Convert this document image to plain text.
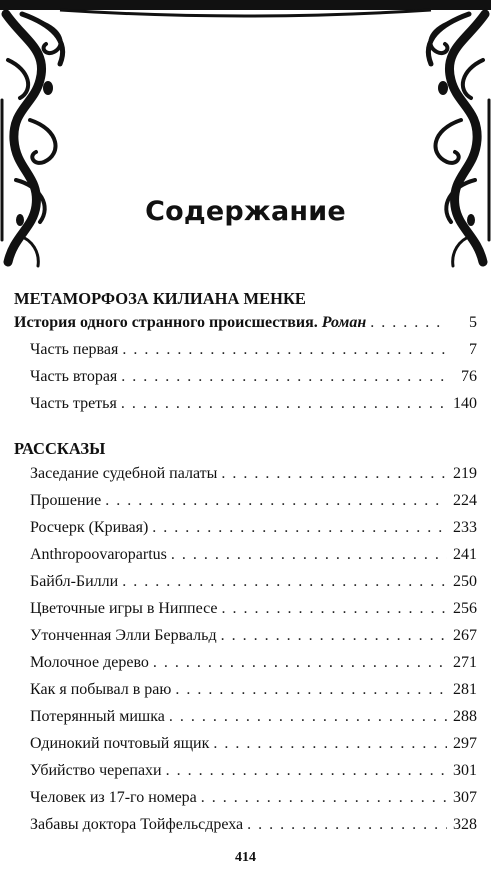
Содержание
МЕТАМОРФОЗА КИЛИАНА МЕНКЕ
История одного странного происшествия. Роман . . .	5
Часть первая . . .	7
Часть вторая . . .	76
Часть третья . . .	140
РАССКАЗЫ
Заседание судебной палаты . . .	219
Прошение . . .	224
Росчерк (Кривая) . . .	233
Anthropoovaroрartus . . .	241
Байбл-Билли . . .	250
Цветочные игры в Ниппесе . . .	256
Утонченная Элли Бервальд . . .	267
Молочное дерево . . .	271
Как я побывал в раю . . .	281
Потерянный мишка . . .	288
Одинокий почтовый ящик . . .	297
Убийство черепахи . . .	301
Человек из 17-го номера . . .	307
Забавы доктора Тойфельсдреха . . .	328
414
